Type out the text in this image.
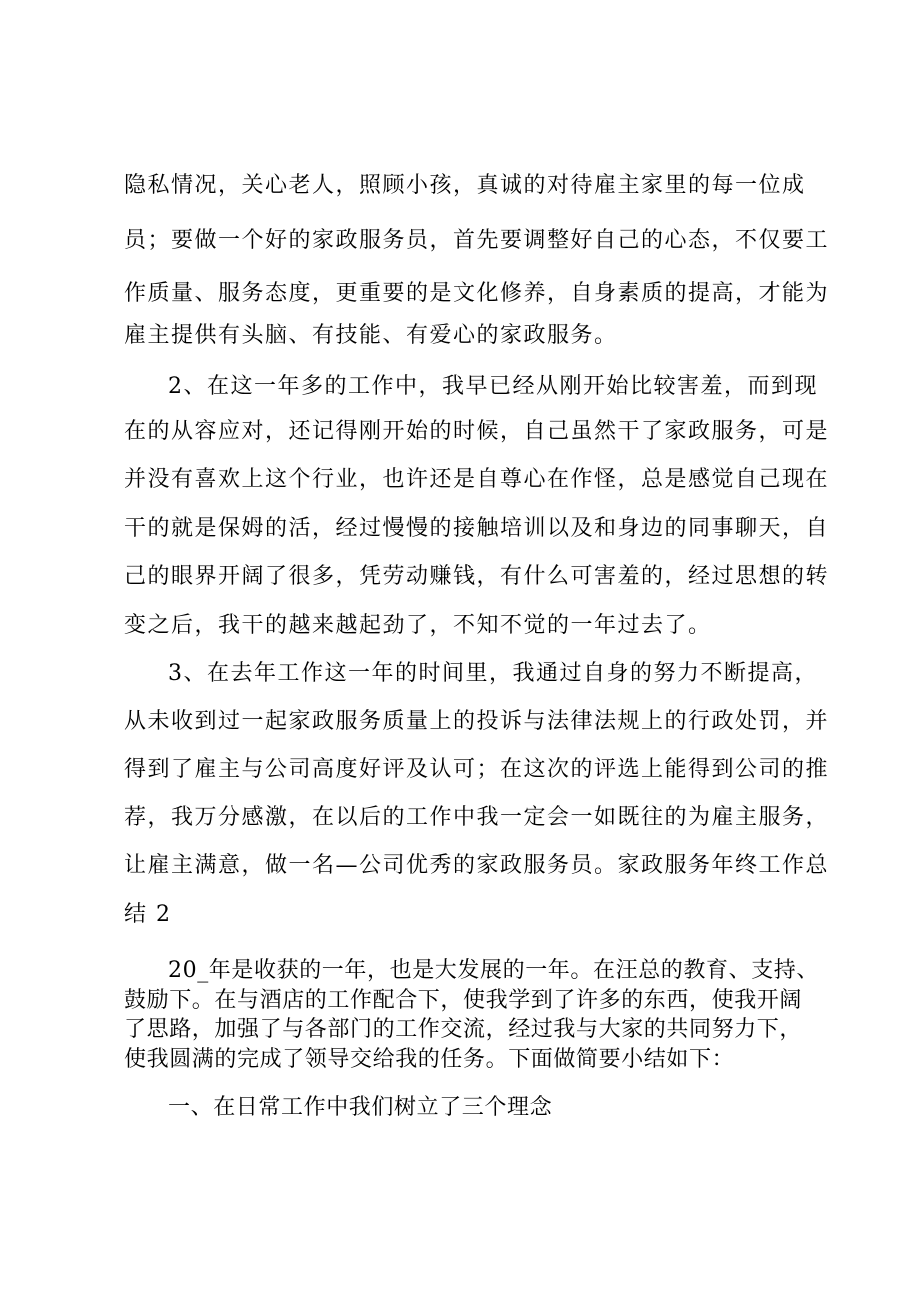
隐私情况，关心老人，照顾小孩，真诚的对待雇主家里的每一位成
员；要做一个好的家政服务员，首先要调整好自己的心态，不仅要工
作质量、服务态度，更重要的是文化修养，自身素质的提高，才能为
雇主提供有头脑、有技能、有爱心的家政服务。
2、在这一年多的工作中，我早已经从刚开始比较害羞，而到现
在的从容应对，还记得刚开始的时候，自己虽然干了家政服务，可是
并没有喜欢上这个行业，也许还是自尊心在作怪，总是感觉自己现在
干的就是保姆的活，经过慢慢的接触培训以及和身边的同事聊天，自
己的眼界开阔了很多，凭劳动赚钱，有什么可害羞的，经过思想的转
变之后，我干的越来越起劲了，不知不觉的一年过去了。
3、在去年工作这一年的时间里，我通过自身的努力不断提高，
从未收到过一起家政服务质量上的投诉与法律法规上的行政处罚，并
得到了雇主与公司高度好评及认可；在这次的评选上能得到公司的推
荐，我万分感激，在以后的工作中我一定会一如既往的为雇主服务，
让雇主满意，做一名—公司优秀的家政服务员。家政服务年终工作总
结 2
20_年是收获的一年，也是大发展的一年。在汪总的教育、支持、
鼓励下。在与酒店的工作配合下，使我学到了许多的东西，使我开阔
了思路，加强了与各部门的工作交流，经过我与大家的共同努力下，
使我圆满的完成了领导交给我的任务。下面做简要小结如下：
一、在日常工作中我们树立了三个理念
